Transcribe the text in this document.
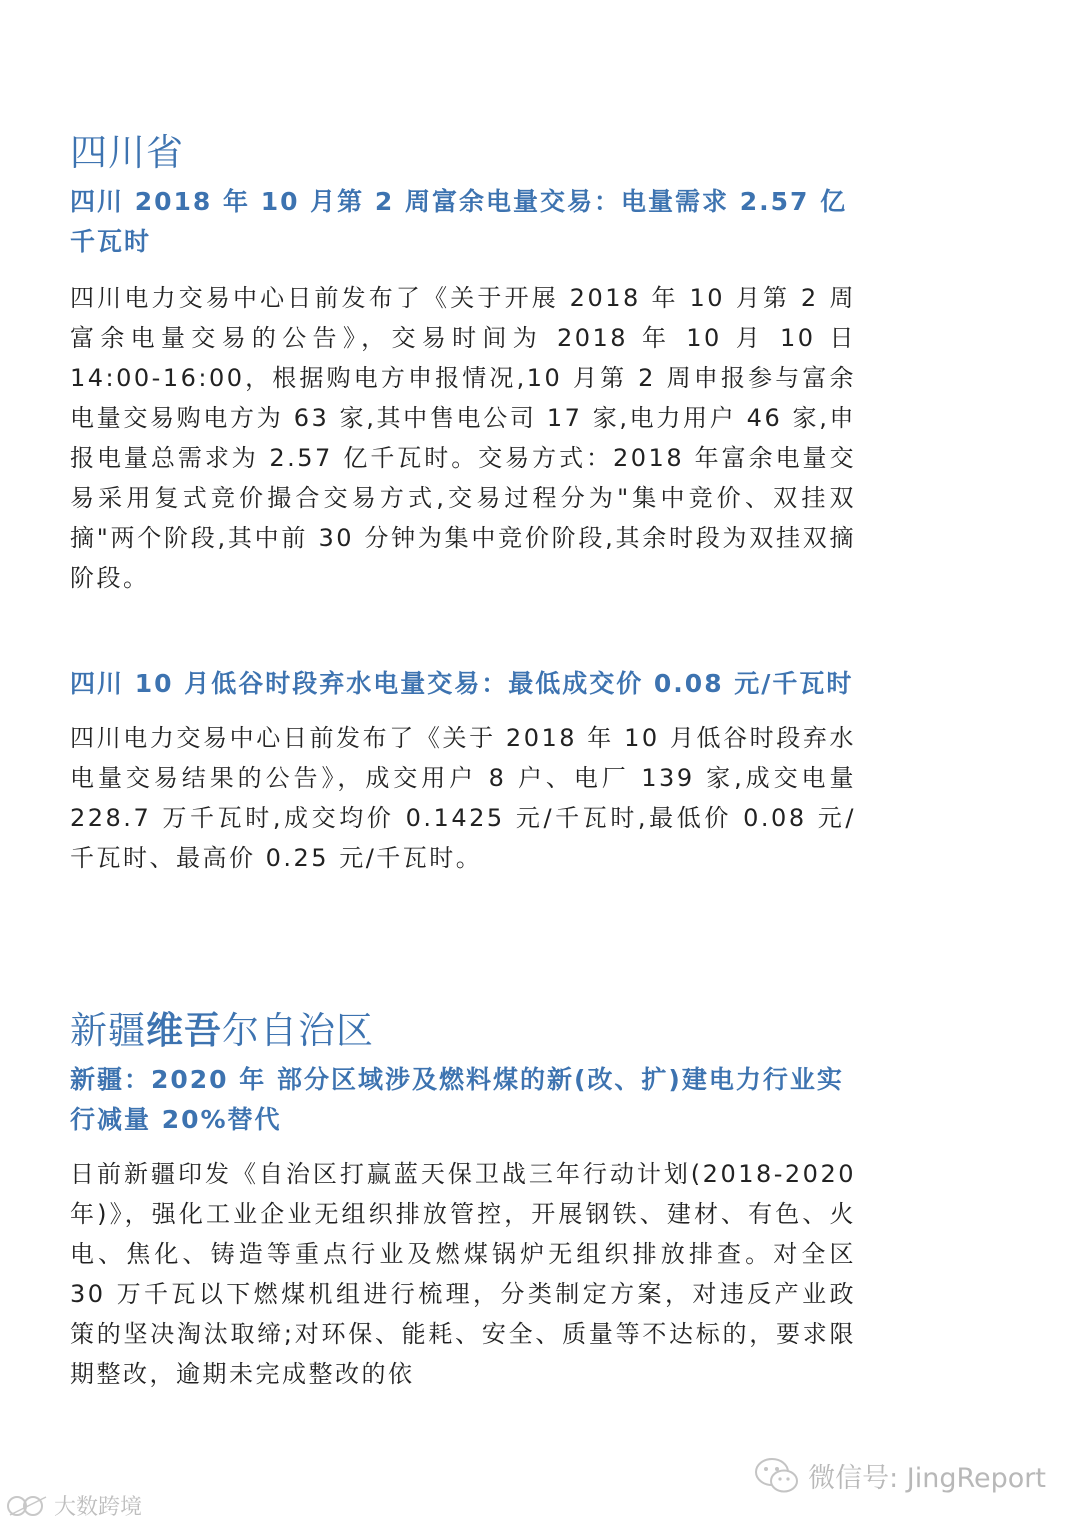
四川省
四川 2018 年 10 月第 2 周富余电量交易：电量需求 2.57 亿千瓦时
四川电力交易中心日前发布了《关于开展 2018 年 10 月第 2 周富余电量交易的公告》，交易时间为 2018 年 10 月 10 日14:00-16:00，根据购电方申报情况,10 月第 2 周申报参与富余电量交易购电方为 63 家,其中售电公司 17 家,电力用户 46 家,申报电量总需求为 2.57 亿千瓦时。交易方式：2018 年富余电量交易采用复式竞价撮合交易方式,交易过程分为"集中竞价、双挂双摘"两个阶段,其中前 30 分钟为集中竞价阶段,其余时段为双挂双摘阶段。
四川 10 月低谷时段弃水电量交易：最低成交价 0.08 元/千瓦时
四川电力交易中心日前发布了《关于 2018 年 10 月低谷时段弃水电量交易结果的公告》，成交用户 8 户、电厂 139 家,成交电量 228.7 万千瓦时,成交均价 0.1425 元/千瓦时,最低价 0.08 元/千瓦时、最高价 0.25 元/千瓦时。
新疆维吾尔自治区
新疆：2020 年 部分区域涉及燃料煤的新(改、扩)建电力行业实行减量 20%替代
日前新疆印发《自治区打赢蓝天保卫战三年行动计划(2018-2020 年)》，强化工业企业无组织排放管控，开展钢铁、建材、有色、火电、焦化、铸造等重点行业及燃煤锅炉无组织排放排查。对全区 30 万千瓦以下燃煤机组进行梳理，分类制定方案，对违反产业政策的坚决淘汰取缔;对环保、能耗、安全、质量等不达标的，要求限期整改，逾期未完成整改的依
微信号: JingReport
大数跨境
